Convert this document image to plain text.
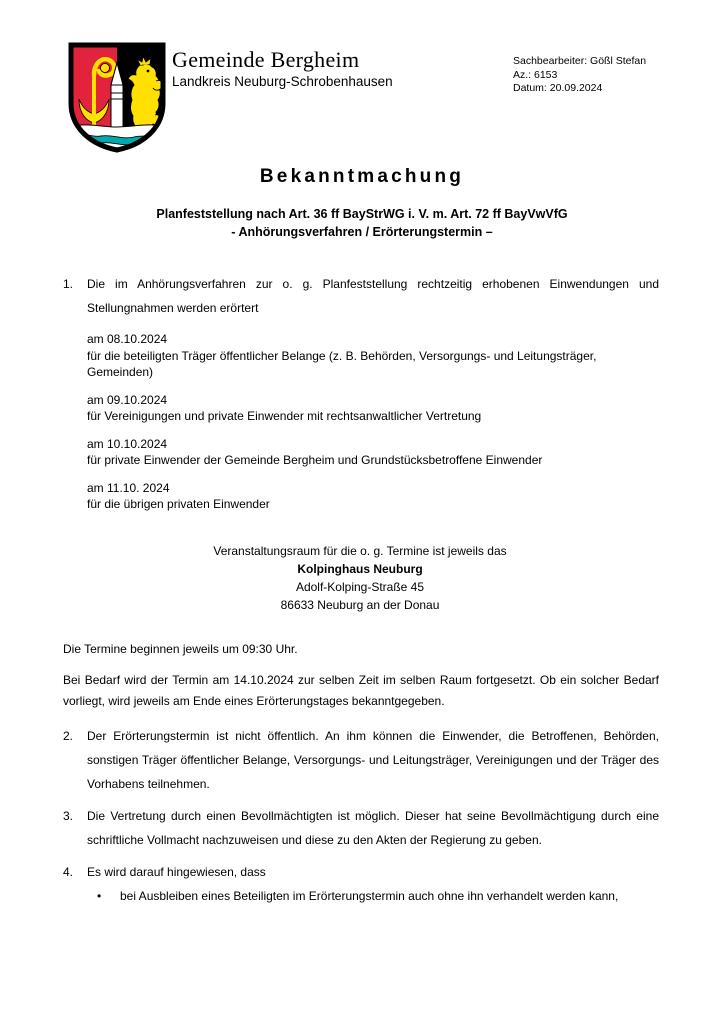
Gemeinde Bergheim
Landkreis Neuburg-Schrobenhausen
Sachbearbeiter: Gößl Stefan
Az.: 6153
Datum: 20.09.2024
Bekanntmachung
Planfeststellung nach Art. 36 ff BayStrWG i. V. m. Art. 72 ff BayVwVfG
- Anhörungsverfahren / Erörterungstermin –
1.	Die im Anhörungsverfahren zur o. g. Planfeststellung rechtzeitig erhobenen Einwendungen und Stellungnahmen werden erörtert
am 08.10.2024
für die beteiligten Träger öffentlicher Belange (z. B. Behörden, Versorgungs- und Leitungsträger, Gemeinden)
am 09.10.2024
für Vereinigungen und private Einwender mit rechtsanwaltlicher Vertretung
am 10.10.2024
für private Einwender der Gemeinde Bergheim und Grundstücksbetroffene Einwender
am 11.10. 2024
für die übrigen privaten Einwender
Veranstaltungsraum für die o. g. Termine ist jeweils das
Kolpinghaus Neuburg
Adolf-Kolping-Straße 45
86633 Neuburg an der Donau
Die Termine beginnen jeweils um 09:30 Uhr.
Bei Bedarf wird der Termin am 14.10.2024 zur selben Zeit im selben Raum fortgesetzt. Ob ein solcher Bedarf vorliegt, wird jeweils am Ende eines Erörterungstages bekanntgegeben.
2.	Der Erörterungstermin ist nicht öffentlich. An ihm können die Einwender, die Betroffenen, Behörden, sonstigen Träger öffentlicher Belange, Versorgungs- und Leitungsträger, Vereinigungen und der Träger des Vorhabens teilnehmen.
3.	Die Vertretung durch einen Bevollmächtigten ist möglich. Dieser hat seine Bevollmächtigung durch eine schriftliche Vollmacht nachzuweisen und diese zu den Akten der Regierung zu geben.
4.	Es wird darauf hingewiesen, dass
• bei Ausbleiben eines Beteiligten im Erörterungstermin auch ohne ihn verhandelt werden kann,
